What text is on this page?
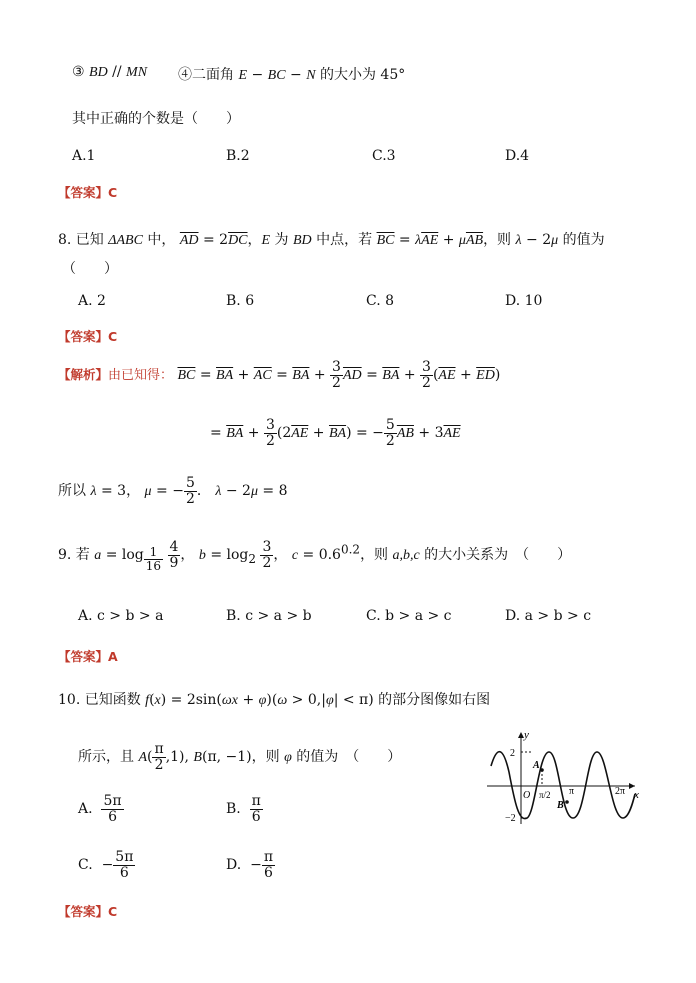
③ BD // MN ④二面角 E − BC − N 的大小为 45°
其中正确的个数是（　　）
A.1	B.2	C.3	D.4
【答案】C
8. 已知 ΔABC 中， $\overline{AD} = 2\overline{DC}$，E 为 BD 中点，若 $\overline{BC} = \lambda\overline{AE} + \mu\overline{AB}$，则 λ − 2μ 的值为
（　　）
A. 2	B. 6	C. 8	D. 10
【答案】C
【解析】由已知得： $\overline{BC} = \overline{BA} + \overline{AC} = \overline{BA} + \frac{3}{2} \overline{AD} = \overline{BA} + \frac{3}{2} (\overline{AE} + \overline{ED})$
= $\overline{BA} + \frac{3}{2} (2\overline{AE} + \overline{BA})$ = − $\frac{5}{2} \overline{AB} + 3\overline{AE}$
所以 λ = 3， μ = − $\frac{5}{2}$ ． λ − 2μ = 8
9. 若 a = log $_{\frac{1}{16}}$
$\frac{4}{9}$ ， $b = \log_2 \frac{3}{2}$ ， $c = 0.6^{0.2}$，则 a,b,c 的大小关系为　（　　）
A. c > b > a	B. c > a > b	C. b > a > c	D. a > b > c
【答案】A
10. 已知函数 f(x) = 2sin(ωx + φ)(ω > 0,|φ| < π) 的部分图像如右图
所示，且 $A( \frac{\pi}{2} ,1)$, B(π, −1)，则 φ 的值为　（　　）
A. $\frac{5\pi}{6}$	B. $\frac{\pi}{6}$
C.  − $\frac{5\pi}{6}$	D.  − $\frac{\pi}{6}$
【答案】C
y
x
2
−2
O
A
B
π/2 π	2π
